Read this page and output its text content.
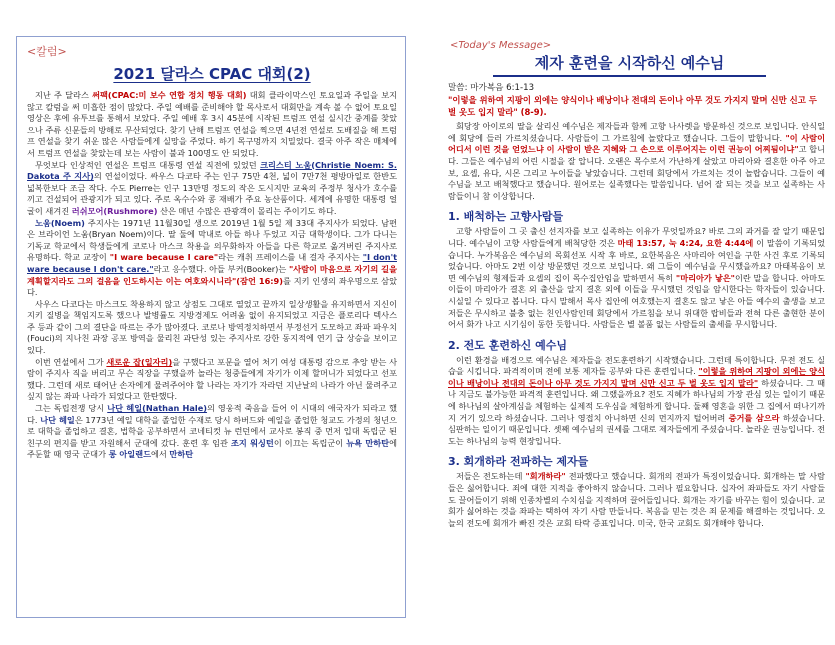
<칼럼>
2021 달라스 CPAC 대회(2)

지난 주 달라스 써팩(CPAC:미 보수 연합 정치 행동 대회) 대회 클라이막스인 토요일과 주일을 보지 않고 칼럼을 써 미흡한 점이 많았다. 주일 예배를 준비해야 할 목사로서 대회만을 계속 볼 수 없어 토요일 영상은 후에 유투브를 통해서 보았다. 주일 예배 후 3시 45분에 시작된 트럼프 연설 실시간 중계를 찾았으나 주류 신문들의 방해로 무산되었다. 찾기 난해 트럼프 연설을 찍으면 4년전 연설로 도배질을 해 트럼프 연설을 찾기 쉬운 많은 사람들에게 실망을 주었다. 하기 목구멍까지 치밀었다. 결국 아주 작은 매체에서 트럼프 연설을 찾았는데 보는 사람이 불과 100명도 안 되었다.

무엇보다 인상적인 연설은 트럼프 대통령 연설 직전에 있었던 크리스티 노움(Christie Noem: S. Dakota 주 지사)의 연설이었다. 싸우스 다코타 주는 인구 75만 4천, 넓이 7만7천 평방마일로 한반도 넓복한보다 조금 작다. 수도 Pierre는 인구 13만명 정도의 작은 도시지만 교육의 주정부 청사가 호수를 끼고 건설되어 관광지가 되고 있다. 주로 옥수수와 콩 재배가 주요 농산품이다. 세계에 유명한 대통령 얼굴이 새겨진 러쉬모어(Rushmore) 산은 매년 수많은 관광객이 몰리는 주이기도 하다.

노움(Noem) 주지사는 1971년 11월30일 생으로 2019년 1월 5일 제 33대 주지사가 되었다. 남편은 브라이언 노움(Bryan Noem)이다. 딸 둘에 막내로 아들 하나 두었고 지금 대학생이다. 그가 다니는 기독교 학교에서 학생들에게 코로나 마스크 착용을 의무화하자 아들을 다른 학교로 옮겨버린 주지사로 유명하다. 학교 교장이 "I ware because I care"라는 캐취 프레이스를 내 걸자 주지사는 "I don't ware because I don't care."라고 응수했다. 아들 부커(Booker)는 "사람이 마음으로 자기의 길을 계획할지라도 그의 걸음을 인도하시는 이는 여호와시니라"(잠언 16:9)를 지키 인생의 좌우명으로 삼았다.

사우스 다코다는 마스크도 착용하지 않고 상점도 그대로 열었고 끝까지 일상생활을 유지하면서 지신이 지키 질병을 책임지도록 했으나 발병률도 지방경제도 어려움 없이 유지되었고 지금은 플로리다 텍사스 주 등과 같이 그의 결단을 따르는 주가 많아졌다. 코로나 방역정치하면서 부정선거 도모하고 좌파 파우치(Fouci)의 지나친 과장 공포 방역을 물리친 과단성 있는 주지사로 강한 동지적에 연기 급 상승을 보이고 있다.

이번 연설에서 그가 새로운 잡(일자리)을 구했다고 포문을 열어 처기 여성 대통령 감으로 추앙 받는 사람이 주지사 직을 버리고 무슨 직장을 구했을까 놀라는 청중들에게 자기가 이제 할머니가 되었다고 선포했다. 그런데 새로 태어난 손자에게 물려주어야 할 나라는 자기가 자라던 지난날의 나라가 아닌 물려주고 싶지 않는 좌파 나라가 되었다고 한탄했다.

그는 독립전쟁 당시 나단 헤일(Nathan Hale)의 영웅적 죽음을 들어 이 시대의 애국자가 되라고 했다. 나단 헤일은 1773년 예일 대학을 졸업한 수재로 당시 하버드와 예일을 졸업한 청교도 가정의 청년으로 대학을 졸업하고 결혼, 법학을 공부하면서 코네티컷 뉴 런던에서 교사로 봉직 중 먼저 입대 독립군 된 친구의 편지를 받고 자원해서 군대에 갔다. 훈련 후 임관 조지 워싱턴이 이끄는 독립군이 뉴욕 만하탄에 주둔할 때 영국 군대가 롱 아일랜드에서 만하탄

<Today's Message>
제자 훈련을 시작하신 예수님
말씀: 마가복음 6:1-13
"이렇을 위하여 지팡이 외에는 양식이나 배낭이나 전대의 돈이나 아무 것도 가지지 말며 신만 신고 두 벌 옷도 입지 말라" (8-9).

회당장 아이로의 딸을 살리신 예수님은 제자들과 함께 고향 나사렛을 방문하신 것으로 보입니다. 안식일에 회당에 들러 가르치셨습니다. 사람들이 그 가르침에 놀랐다고 했습니다. 그들이 말합니다. "이 사람이 어디서 이런 것을 얻었느냐 이 사람이 받은 지혜와 그 손으로 이루어지는 이런 권능이 어찌됨이냐"고 합니다. 그들은 예수님의 어린 시절을 잘 압니다. 오랜은 목수로서 가난하게 살았고 마리아와 결혼한 아주 아고보, 요셉, 유다, 시몬 그리고 누이들을 낳았습니다. 그런데 회당에서 가르치는 것이 놀랍습니다. 그들이 예수님을 보고 배척했다고 했습니다. 원어로는 실족했다는 말씀입니다. 넘어 잘 되는 것을 보고 실족하는 사람들이니 참 이상합니다.

1. 배척하는 고향사람들

고향 사람들이 그 곳 출신 선지자를 보고 실족하는 이유가 무엇일까요? 바로 그의 과거를 잘 알기 때문입니다. 예수님이 고향 사람들에게 배척당한 것은 마태 13:57, 눅 4:24, 요한 4:44에 이 말씀이 기록되었습니다. 누가복음은 예수님의 목회선포 시작 후 바로, 요한복음은 사마리아 여인을 구한 사건 후로 기록되었습니다. 아마도 2번 이상 방문했던 것으로 보입니다. 왜 그들이 예수님을 무시했을까요? 마태복음이 보면 예수님의 형제들과 요셉의 집이 목수집안임을 말하면서 특히 "마리아가 낳은"이란 말을 합니다. 아마도 이들이 마리아가 결혼 외 출산을 알지 결혼 외에 이들을 무시했던 것임을 암시한다는 학자들이 있습니다. 시실일 수 있다고 봅니다. 다시 말해서 목사 집안에 여호했는지 결혼도 않고 낳은 아들 예수의 출생을 보고 저들은 무시하고 불충 없는 친인사람인데 회당에서 가르침을 보니 위대한 랍비들과 전혀 다른 출현한 분이어서 화가 나고 시기심이 동한 듯합니다. 사람들은 별 볼품 없는 사람들의 출세를 무시합니다.

2. 전도 훈련하신 예수님

이런 환경을 배경으로 예수님은 제자들을 전도훈련하기 시작했습니다. 그런데 특이합니다. 무전 전도 실습을 시킵니다. 파격적이며 전에 보통 제자들 공부와 다른 훈련입니다. "이렇을 위하여 지팡이 외에는 양식이나 배낭이나 전대의 돈이나 아무 것도 가지지 말며 신만 신고 두 벌 옷도 입지 말라" 하셨습니다. 그 때나 지금도 불가능한 파격적 훈련입니다. 왜 그랬을까요? 전도 지혜가 하나님의 가장 관심 있는 일이기 때문에 하나님의 살아계심을 체험하는 실제적 도우심을 체험하게 합니다. 둘째 영혼을 위한 그 집에서 떠나기까지 거기 있으라 하셨습니다. 그러나 영접치 아니하면 신의 먼지까지 털어버려 증거를 삼으라 하셨습니다. 심판하는 일이기 때문입니다. 셋째 예수님의 권세를 그대로 제자들에게 주셨습니다. 놀라운 권능입니다. 전도는 하나님의 능력 현장입니다.

3. 회개하라 전파하는 제자들

저들은 전도하는데 "회개하라" 전파했다고 했습니다. 회개의 전파가 특징이었습니다. 회개하는 말 사람들은 싫어합니다. 죄에 대한 지적을 좋아하지 않습니다. 그러나 필요합니다. 십자어 좌파들도 자기 사람들도 끌어들이기 위해 인종차별의 수치심을 지적하며 끌어들입니다. 회개는 자기를 바꾸는 힘이 있습니다. 교회가 싫어하는 것을 좌파는 택하여 자기 사람 만들니다. 복음을 믿는 것은 죄 문제를 해결하는 것입니다. 오늘의 전도에 회개가 빠진 것은 교회 타락 증표입니다. 미국, 한국 교회도 회개해야 합니다.
